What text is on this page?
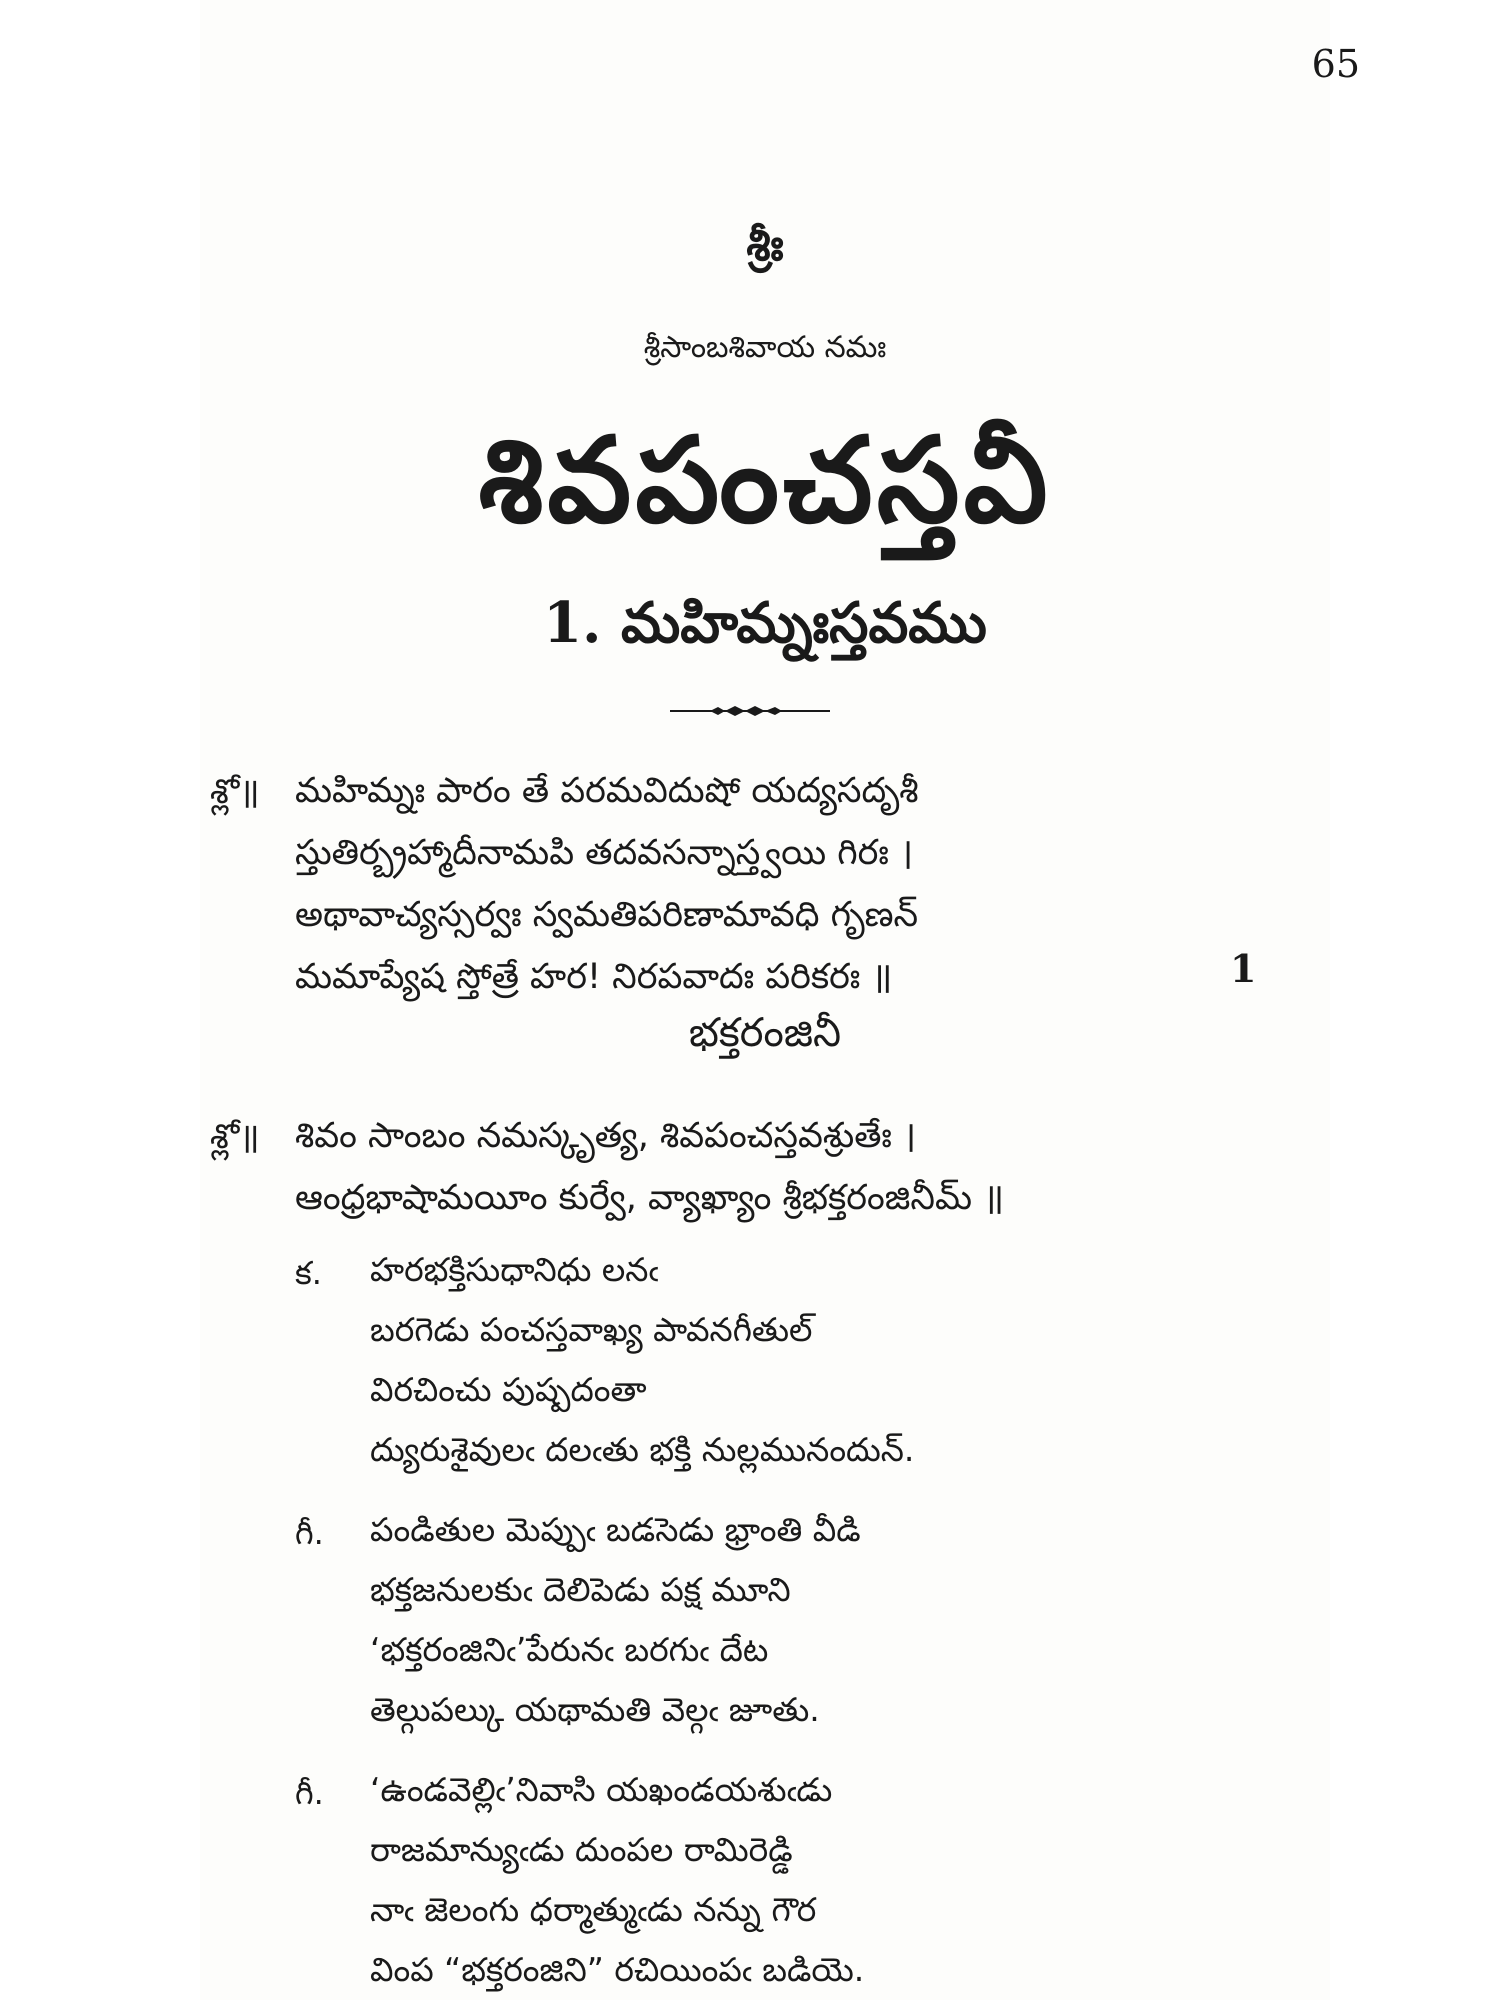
65
శ్రీః
శ్రీసాంబశివాయ నమః
శివపంచస్తవీ
1. మహిమ్నఃస్తవము
శ్లో॥ మహిమ్నః పారం తే పరమవిదుషో యద్యసదృశీ
స్తుతిర్బ్రహ్మాదీనామపి తదవసన్నాస్త్వయి గిరః ।
అథావాచ్యస్సర్వః స్వమతిపరిణామావధి గృణన్
మమాప్యేష స్తోత్రే హర! నిరపవాదః పరికరః ॥	1
భక్తరంజినీ
శ్లో॥ శివం సాంబం నమస్కృత్య, శివపంచస్తవశ్రుతేః ।
ఆంధ్రభాషామయీం కుర్వే, వ్యాఖ్యాం శ్రీభక్తరంజినీమ్ ॥
క. హరభక్తిసుధానిధు లనఁ
బరగెడు పంచస్తవాఖ్య పావనగీతుల్
విరచించు పుష్పదంతా
ద్యురుశైవులఁ దలఁతు భక్తి నుల్లమునందున్.
గీ. పండితుల మెప్పుఁ బడసెడు భ్రాంతి వీడి
భక్తజనులకుఁ దెలిపెడు పక్ష మూని
‘భక్తరంజినిఁ’పేరునఁ బరగుఁ దేట
తెల్గుపల్కు యథామతి వెల్గఁ జూతు.
గీ. ‘ఉండవెల్లిఁ’నివాసి యఖండయశుఁడు
రాజమాన్యుఁడు దుంపల రామిరెడ్డి
నాఁ జెలంగు ధర్మాత్ముఁడు నన్ను గౌర
వింప “భక్తరంజిని” రచియింపఁ బడియె.
